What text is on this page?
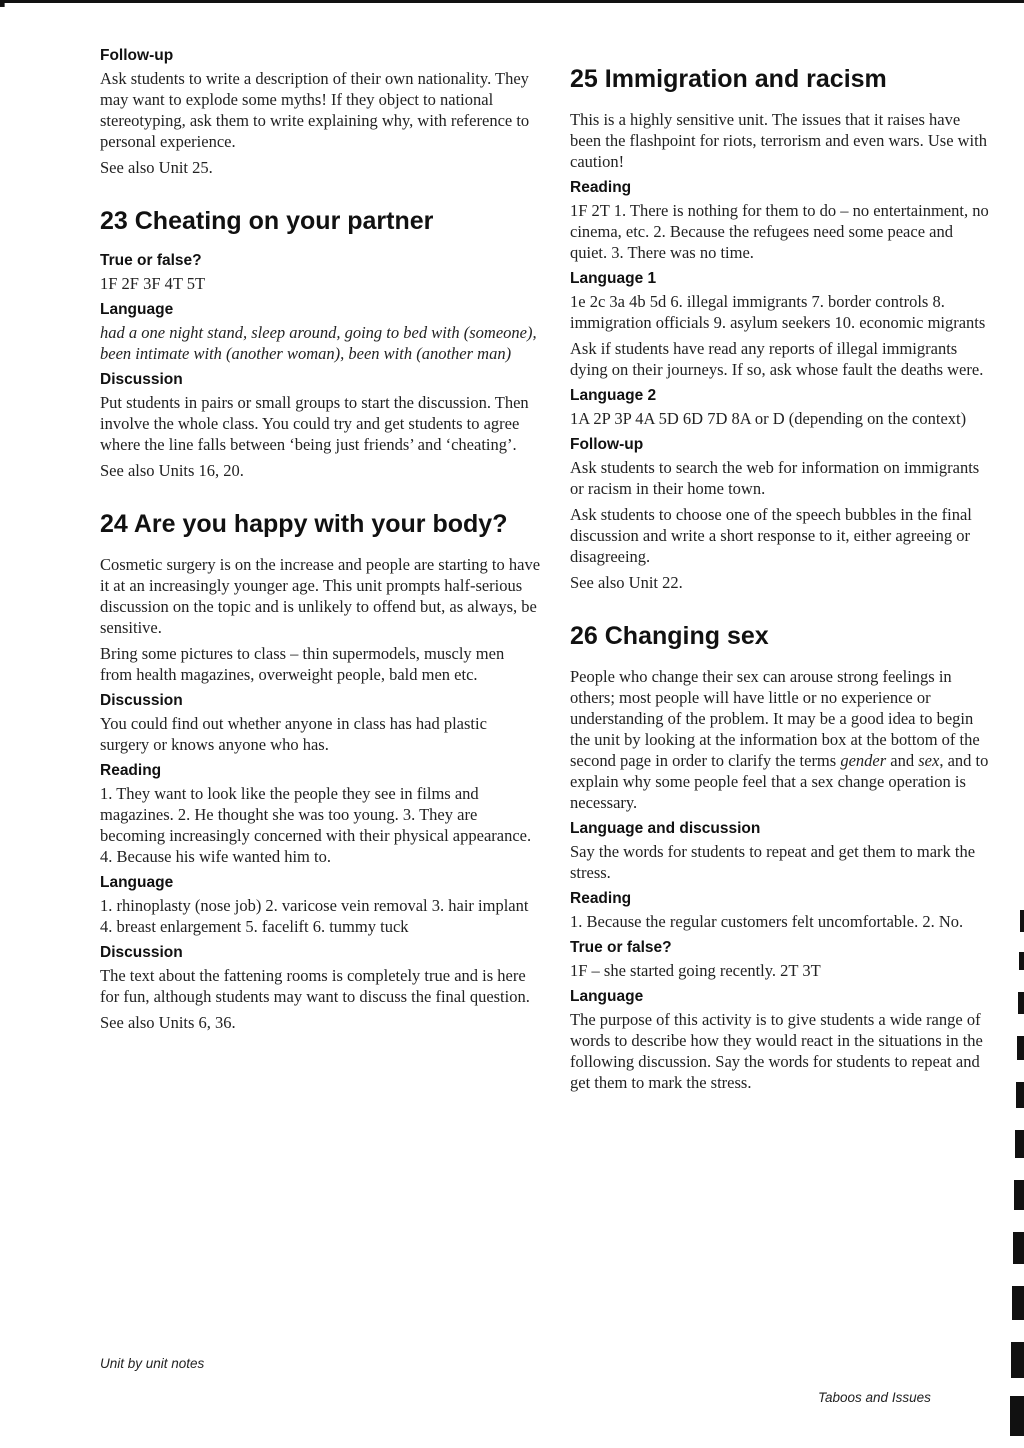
▘
Follow-up

Ask students to write a description of their own nationality. They may want to explode some myths! If they object to national stereotyping, ask them to write explaining why, with reference to personal experience.

See also Unit 25.

23 Cheating on your partner
True or false?

1F 2F 3F 4T 5T

Language

had a one night stand, sleep around, going to bed with (someone), been intimate with (another woman), been with (another man)

Discussion

Put students in pairs or small groups to start the discussion. Then involve the whole class. You could try and get students to agree where the line falls between ‘being just friends’ and ‘cheating’.

See also Units 16, 20.

24 Are you happy with your body?

Cosmetic surgery is on the increase and people are starting to have it at an increasingly younger age. This unit prompts half-serious discussion on the topic and is unlikely to offend but, as always, be sensitive.

Bring some pictures to class – thin supermodels, muscly men from health magazines, overweight people, bald men etc.

Discussion

You could find out whether anyone in class has had plastic surgery or knows anyone who has.

Reading

1. They want to look like the people they see in films and magazines. 2. He thought she was too young. 3. They are becoming increasingly concerned with their physical appearance. 4. Because his wife wanted him to.

Language

1. rhinoplasty (nose job) 2. varicose vein removal 3. hair implant 4. breast enlargement 5. facelift 6. tummy tuck

Discussion

The text about the fattening rooms is completely true and is here for fun, although students may want to discuss the final question.

See also Units 6, 36.

25 Immigration and racism

This is a highly sensitive unit. The issues that it raises have been the flashpoint for riots, terrorism and even wars. Use with caution!

Reading

1F 2T 1. There is nothing for them to do – no entertainment, no cinema, etc. 2. Because the refugees need some peace and quiet. 3. There was no time.

Language 1

1e 2c 3a 4b 5d 6. illegal immigrants 7. border controls 8. immigration officials 9. asylum seekers 10. economic migrants

Ask if students have read any reports of illegal immigrants dying on their journeys. If so, ask whose fault the deaths were.

Language 2

1A 2P 3P 4A 5D 6D 7D 8A or D (depending on the context)

Follow-up

Ask students to search the web for information on immigrants or racism in their home town.

Ask students to choose one of the speech bubbles in the final discussion and write a short response to it, either agreeing or disagreeing.

See also Unit 22.

26 Changing sex

People who change their sex can arouse strong feelings in others; most people will have little or no experience or understanding of the problem. It may be a good idea to begin the unit by looking at the information box at the bottom of the second page in order to clarify the terms gender and sex, and to explain why some people feel that a sex change operation is necessary.

Language and discussion

Say the words for students to repeat and get them to mark the stress.

Reading

1. Because the regular customers felt uncomfortable. 2. No.

True or false?

1F – she started going recently. 2T 3T

Language

The purpose of this activity is to give students a wide range of words to describe how they would react in the situations in the following discussion. Say the words for students to repeat and get them to mark the stress.

Unit by unit notes
Taboos and Issues
